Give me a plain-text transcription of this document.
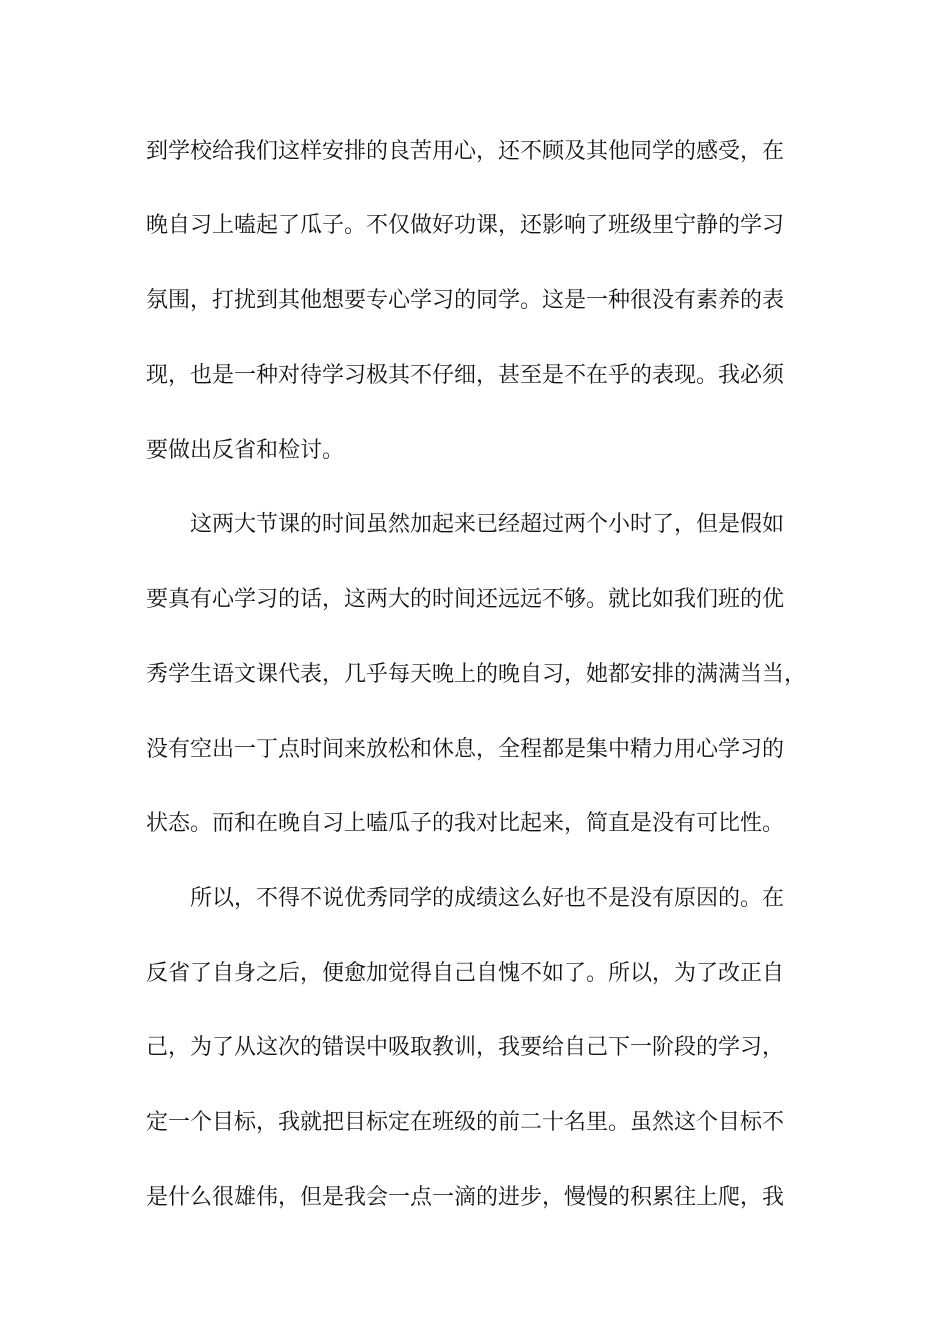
到学校给我们这样安排的良苦用心，还不顾及其他同学的感受，在
晚自习上嗑起了瓜子。不仅做好功课，还影响了班级里宁静的学习
氛围，打扰到其他想要专心学习的同学。这是一种很没有素养的表
现，也是一种对待学习极其不仔细，甚至是不在乎的表现。我必须
要做出反省和检讨。
这两大节课的时间虽然加起来已经超过两个小时了，但是假如
要真有心学习的话，这两大的时间还远远不够。就比如我们班的优
秀学生语文课代表，几乎每天晚上的晚自习，她都安排的满满当当，
没有空出一丁点时间来放松和休息，全程都是集中精力用心学习的
状态。而和在晚自习上嗑瓜子的我对比起来，简直是没有可比性。
所以，不得不说优秀同学的成绩这么好也不是没有原因的。在
反省了自身之后，便愈加觉得自己自愧不如了。所以，为了改正自
己，为了从这次的错误中吸取教训，我要给自己下一阶段的学习，
定一个目标，我就把目标定在班级的前二十名里。虽然这个目标不
是什么很雄伟，但是我会一点一滴的进步，慢慢的积累往上爬，我
